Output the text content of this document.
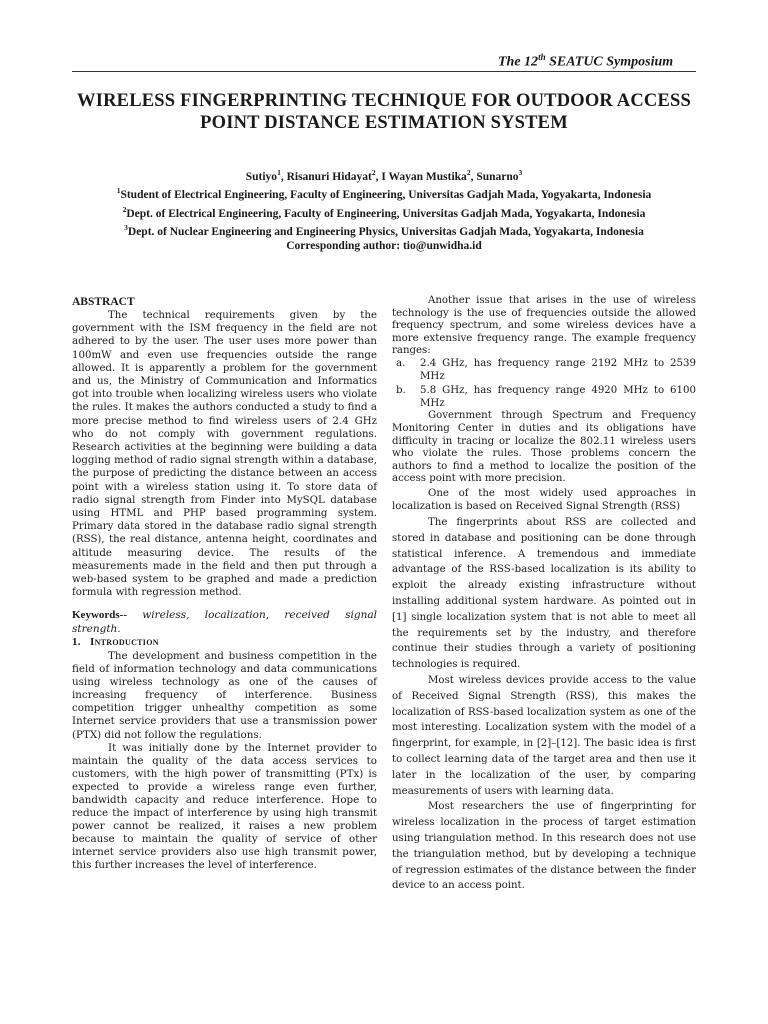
The 12th SEATUC Symposium
WIRELESS FINGERPRINTING TECHNIQUE FOR OUTDOOR ACCESS POINT DISTANCE ESTIMATION SYSTEM
Sutiyo$^1$, Risanuri Hidayat$^2$, I Wayan Mustika$^2$, Sunarno$^3$
$^1$Student of Electrical Engineering, Faculty of Engineering, Universitas Gadjah Mada, Yogyakarta, Indonesia
$^2$Dept. of Electrical Engineering, Faculty of Engineering, Universitas Gadjah Mada, Yogyakarta, Indonesia
$^3$Dept. of Nuclear Engineering and Engineering Physics, Universitas Gadjah Mada, Yogyakarta, Indonesia
Corresponding author: tio@unwidha.id

ABSTRACT

The technical requirements given by the government with the ISM frequency in the field are not adhered to by the user. The user uses more power than 100mW and even use frequencies outside the range allowed. It is apparently a problem for the government and us, the Ministry of Communication and Informatics got into trouble when localizing wireless users who violate the rules. It makes the authors conducted a study to find a more precise method to find wireless users of 2.4 GHz who do not comply with government regulations. Research activities at the beginning were building a data logging method of radio signal strength within a database, the purpose of predicting the distance between an access point with a wireless station using it. To store data of radio signal strength from Finder into MySQL database using HTML and PHP based programming system. Primary data stored in the database radio signal strength (RSS), the real distance, antenna height, coordinates and altitude measuring device. The results of the measurements made in the field and then put through a web-based system to be graphed and made a prediction formula with regression method.

Keywords-- wireless, localization, received signal strength.

1. Introduction

The development and business competition in the field of information technology and data communications using wireless technology as one of the causes of increasing frequency of interference. Business competition trigger unhealthy competition as some Internet service providers that use a transmission power (PTX) did not follow the regulations.

It was initially done by the Internet provider to maintain the quality of the data access services to customers, with the high power of transmitting (PTx) is expected to provide a wireless range even further, bandwidth capacity and reduce interference. Hope to reduce the impact of interference by using high transmit power cannot be realized, it raises a new problem because to maintain the quality of service of other internet service providers also use high transmit power, this further increases the level of interference.

Another issue that arises in the use of wireless technology is the use of frequencies outside the allowed frequency spectrum, and some wireless devices have a more extensive frequency range. The example frequency ranges:

a. 2.4 GHz, has frequency range 2192 MHz to 2539 MHz
b. 5.8 GHz, has frequency range 4920 MHz to 6100 MHz

Government through Spectrum and Frequency Monitoring Center in duties and its obligations have difficulty in tracing or localize the 802.11 wireless users who violate the rules. Those problems concern the authors to find a method to localize the position of the access point with more precision.

One of the most widely used approaches in localization is based on Received Signal Strength (RSS)

The fingerprints about RSS are collected and stored in database and positioning can be done through statistical inference. A tremendous and immediate advantage of the RSS-based localization is its ability to exploit the already existing infrastructure without installing additional system hardware. As pointed out in [1] single localization system that is not able to meet all the requirements set by the industry, and therefore continue their studies through a variety of positioning technologies is required.

Most wireless devices provide access to the value of Received Signal Strength (RSS), this makes the localization of RSS-based localization system as one of the most interesting. Localization system with the model of a fingerprint, for example, in [2]–[12]. The basic idea is first to collect learning data of the target area and then use it later in the localization of the user, by comparing measurements of users with learning data.

Most researchers the use of fingerprinting for wireless localization in the process of target estimation using triangulation method. In this research does not use the triangulation method, but by developing a technique of regression estimates of the distance between the finder device to an access point.
